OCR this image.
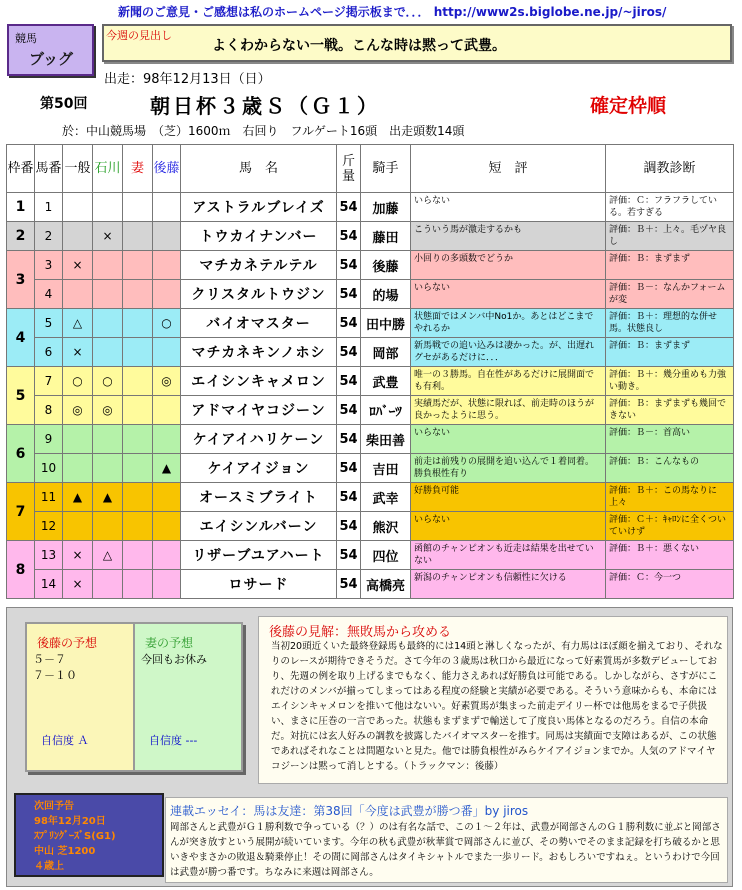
新聞のご意見・ご感想は私のホームページ掲示板まで．．． http://www2s.biglobe.ne.jp/~jiros/
競馬
ブッグ
今週の見出し
よくわからない一戦。こんな時は黙って武豊。
出走：98年12月13日（日）
第50回	朝日杯３歳Ｓ（Ｇ１）	確定枠順
於：中山競馬場　（芝）1600ｍ　右回り　フルゲート16頭　出走頭数14頭
枠番	馬番	一般	石川	妻	後藤	馬　名	斤量	騎手	短　評	調教診断
1	1					アストラルブレイズ	54	加藤	いらない	評価：Ｃ：フラフラしている。若すぎる
2	2		×			トウカイナンバー	54	藤田	こういう馬が激走するかも	評価：Ｂ＋：上々。毛ヅヤ良し
3	3	×				マチカネテルテル	54	後藤	小回りの多頭数でどうか	評価：Ｂ：まずまず
	4					クリスタルトウジン	54	的場	いらない	評価：Ｂ－：なんかフォームが変
4	5	△			○	バイオマスター	54	田中勝	状態面ではメンバ中No1か。あとはどこまでやれるか	評価：Ｂ＋：理想的な併せ馬。状態良し
	6	×				マチカネキンノホシ	54	岡部	新馬戦での追い込みは凄かった。が、出遅れグセがあるだけに．．．	評価：Ｂ：まずまず
5	7	○	○		◎	エイシンキャメロン	54	武豊	唯一の３勝馬。自在性があるだけに展開面でも有利。	評価：Ｂ＋：幾分重めも力強い動き。
	8	◎	◎			アドマイヤコジーン	54	ﾛﾊﾞｰﾂ	実績馬だが、状態に限れば、前走時のほうが良かったように思う。	評価：Ｂ：まずまずも幾回できない
6	9					ケイアイハリケーン	54	柴田善	いらない	評価：Ｂ－：首高い
	10				▲	ケイアイジョン	54	吉田	前走は前残りの展開を追い込んで１着同着。勝負根性有り	評価：Ｂ：こんなもの
7	11	▲	▲			オースミブライト	54	武幸	好勝負可能	評価：Ｂ＋：この馬なりに上々
	12					エイシンルバーン	54	熊沢	いらない	評価：Ｃ＋：ｷｬﾛﾝに全くついていけず
8	13	×	△			リザーブユアハート	54	四位	函館のチャンピオンも近走は結果を出せていない	評価：Ｂ＋：悪くない
	14	×				ロサード	54	高橋亮	新潟のチャンピオンも信頼性に欠ける	評価：Ｃ：今一つ
後藤の予想
５－７
７－１０
自信度 Ａ
妻の予想
今回もお休み
自信度 ---
後藤の見解：無敗馬から攻める
当初20頭近くいた最終登録馬も最終的には14頭と淋しくなったが、有力馬はほぼ顔を揃えており、それなりのレースが期待できそうだ。さて今年の３歳馬は秋口から最近になって好素質馬が多数デビューしており、先週の例を取り上げるまでもなく、能力さえあれば好勝負は可能である。しかしながら、さすがにこれだけのメンバが揃ってしまってはある程度の経験と実績が必要である。そういう意味からも、本命にはエイシンキャメロンを推いて他はないい。好素質馬が集まった前走デイリー杯では他馬をまるで子供扱い、まさに圧巻の一言であった。状態もまずまずで輸送して了度良い馬体となるのだろう。自信の本命だ。対抗には玄人好みの調教を披露したバイオマスターを推す。同馬は実績面で支障はあるが、この状態であればそれなことは問題ないと見た。他では勝負根性がみらケイアイジョンまでか。人気のアドマイヤコジーンは黙って消しとする。（トラックマン：後藤）
次回予告
98年12月20日
ｽﾌﾟﾘﾝｸﾞｰｽﾞS(G1)
中山 芝1200
４歳上
連載エッセイ：馬は友達：第38回「今度は武豊が勝つ番」by jiros
岡部さんと武豊がＧ１勝利数で争っている（？）のは有名な話で、この１～２年は、武豊が岡部さんのＧ１勝利数に並ぶと岡部さんが突き放すという展開が続いています。今年の秋も武豊が秋華賞で岡部さんに並び、その勢いでそのまま記録を打ち破るかと思いきやまさかの敗退＆騎乗停止！その間に岡部さんはタイキシャトルでまた一歩リード。おもしろいですねぇ。というわけで今回は武豊が勝つ番です。ちなみに来週は岡部さん。
